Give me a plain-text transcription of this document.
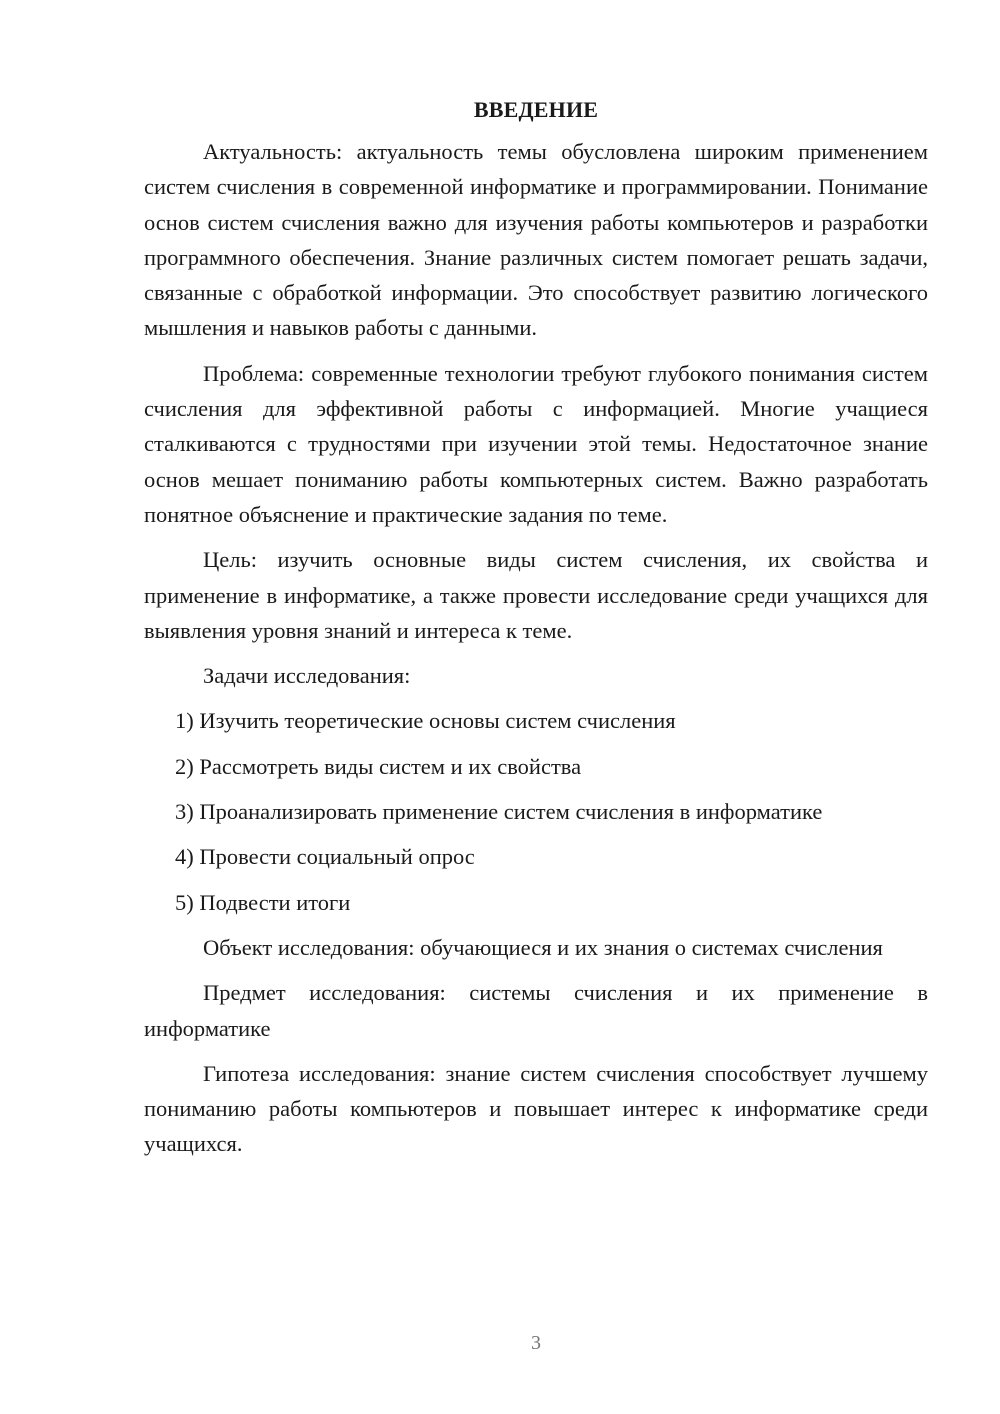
ВВЕДЕНИЕ

Актуальность: актуальность темы обусловлена широким применением систем счисления в современной информатике и программировании. Понимание основ систем счисления важно для изучения работы компьютеров и разработки программного обеспечения. Знание различных систем помогает решать задачи, связанные с обработкой информации. Это способствует развитию логического мышления и навыков работы с данными.

Проблема: современные технологии требуют глубокого понимания систем счисления для эффективной работы с информацией. Многие учащиеся сталкиваются с трудностями при изучении этой темы. Недостаточное знание основ мешает пониманию работы компьютерных систем. Важно разработать понятное объяснение и практические задания по теме.

Цель: изучить основные виды систем счисления, их свойства и применение в информатике, а также провести исследование среди учащихся для выявления уровня знаний и интереса к теме.

Задачи исследования:

1) Изучить теоретические основы систем счисления
2) Рассмотреть виды систем и их свойства
3) Проанализировать применение систем счисления в информатике
4) Провести социальный опрос
5) Подвести итоги

Объект исследования: обучающиеся и их знания о системах счисления

Предмет исследования: системы счисления и их применение в информатике

Гипотеза исследования: знание систем счисления способствует лучшему пониманию работы компьютеров и повышает интерес к информатике среди учащихся.

3
